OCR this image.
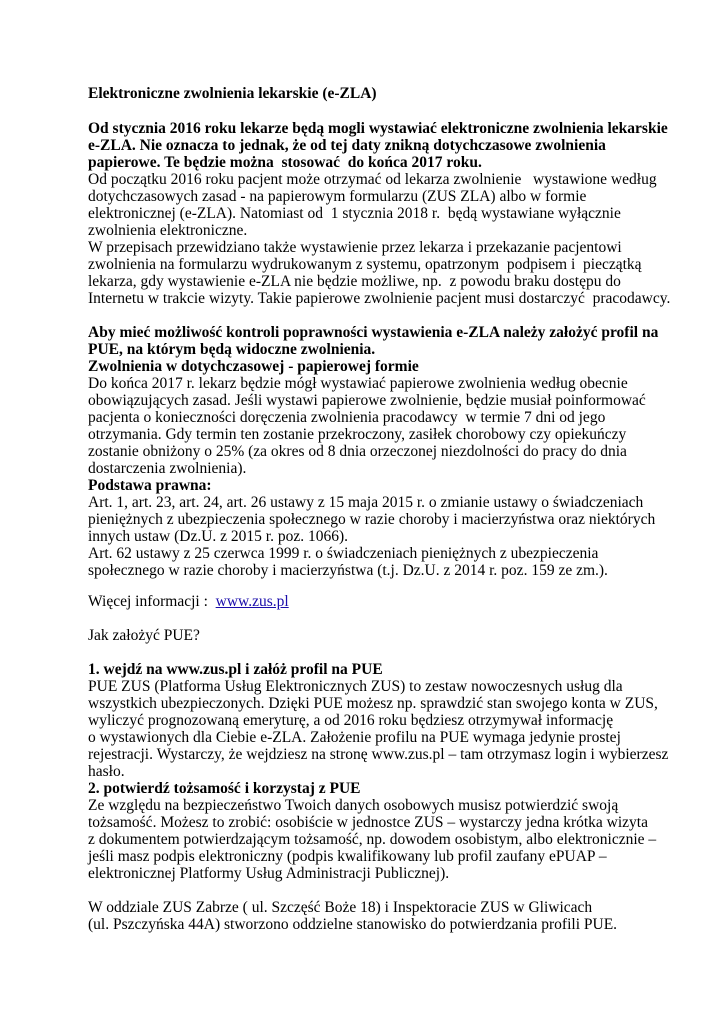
Elektroniczne zwolnienia lekarskie (e-ZLA)
Od stycznia 2016 roku lekarze będą mogli wystawiać elektroniczne zwolnienia lekarskie
e-ZLA. Nie oznacza to jednak, że od tej daty znikną dotychczasowe zwolnienia
papierowe. Te będzie można  stosować  do końca 2017 roku.
Od początku 2016 roku pacjent może otrzymać od lekarza zwolnienie   wystawione według
dotychczasowych zasad - na papierowym formularzu (ZUS ZLA) albo w formie
elektronicznej (e-ZLA). Natomiast od  1 stycznia 2018 r.  będą wystawiane wyłącznie
zwolnienia elektroniczne.
W przepisach przewidziano także wystawienie przez lekarza i przekazanie pacjentowi
zwolnienia na formularzu wydrukowanym z systemu, opatrzonym  podpisem i  pieczątką
lekarza, gdy wystawienie e-ZLA nie będzie możliwe, np.  z powodu braku dostępu do
Internetu w trakcie wizyty. Takie papierowe zwolnienie pacjent musi dostarczyć  pracodawcy.
Aby mieć możliwość kontroli poprawności wystawienia e-ZLA należy założyć profil na
PUE, na którym będą widoczne zwolnienia.
Zwolnienia w dotychczasowej - papierowej formie
Do końca 2017 r. lekarz będzie mógł wystawiać papierowe zwolnienia według obecnie
obowiązujących zasad. Jeśli wystawi papierowe zwolnienie, będzie musiał poinformować
pacjenta o konieczności doręczenia zwolnienia pracodawcy  w termie 7 dni od jego
otrzymania. Gdy termin ten zostanie przekroczony, zasiłek chorobowy czy opiekuńczy
zostanie obniżony o 25% (za okres od 8 dnia orzeczonej niezdolności do pracy do dnia
dostarczenia zwolnienia).
Podstawa prawna:
Art. 1, art. 23, art. 24, art. 26 ustawy z 15 maja 2015 r. o zmianie ustawy o świadczeniach
pieniężnych z ubezpieczenia społecznego w razie choroby i macierzyństwa oraz niektórych
innych ustaw (Dz.U. z 2015 r. poz. 1066).
Art. 62 ustawy z 25 czerwca 1999 r. o świadczeniach pieniężnych z ubezpieczenia
społecznego w razie choroby i macierzyństwa (t.j. Dz.U. z 2014 r. poz. 159 ze zm.).
Więcej informacji :  www.zus.pl
Jak założyć PUE?
1. wejdź na www.zus.pl i załóż profil na PUE
PUE ZUS (Platforma Usług Elektronicznych ZUS) to zestaw nowoczesnych usług dla
wszystkich ubezpieczonych. Dzięki PUE możesz np. sprawdzić stan swojego konta w ZUS,
wyliczyć prognozowaną emeryturę, a od 2016 roku będziesz otrzymywał informację
o wystawionych dla Ciebie e-ZLA. Założenie profilu na PUE wymaga jedynie prostej
rejestracji. Wystarczy, że wejdziesz na stronę www.zus.pl – tam otrzymasz login i wybierzesz
hasło.
2. potwierdź tożsamość i korzystaj z PUE
Ze względu na bezpieczeństwo Twoich danych osobowych musisz potwierdzić swoją
tożsamość. Możesz to zrobić: osobiście w jednostce ZUS – wystarczy jedna krótka wizyta
z dokumentem potwierdzającym tożsamość, np. dowodem osobistym, albo elektronicznie –
jeśli masz podpis elektroniczny (podpis kwalifikowany lub profil zaufany ePUAP –
elektronicznej Platformy Usług Administracji Publicznej).
W oddziale ZUS Zabrze ( ul. Szczęść Boże 18) i Inspektoracie ZUS w Gliwicach
(ul. Pszczyńska 44A) stworzono oddzielne stanowisko do potwierdzania profili PUE.
